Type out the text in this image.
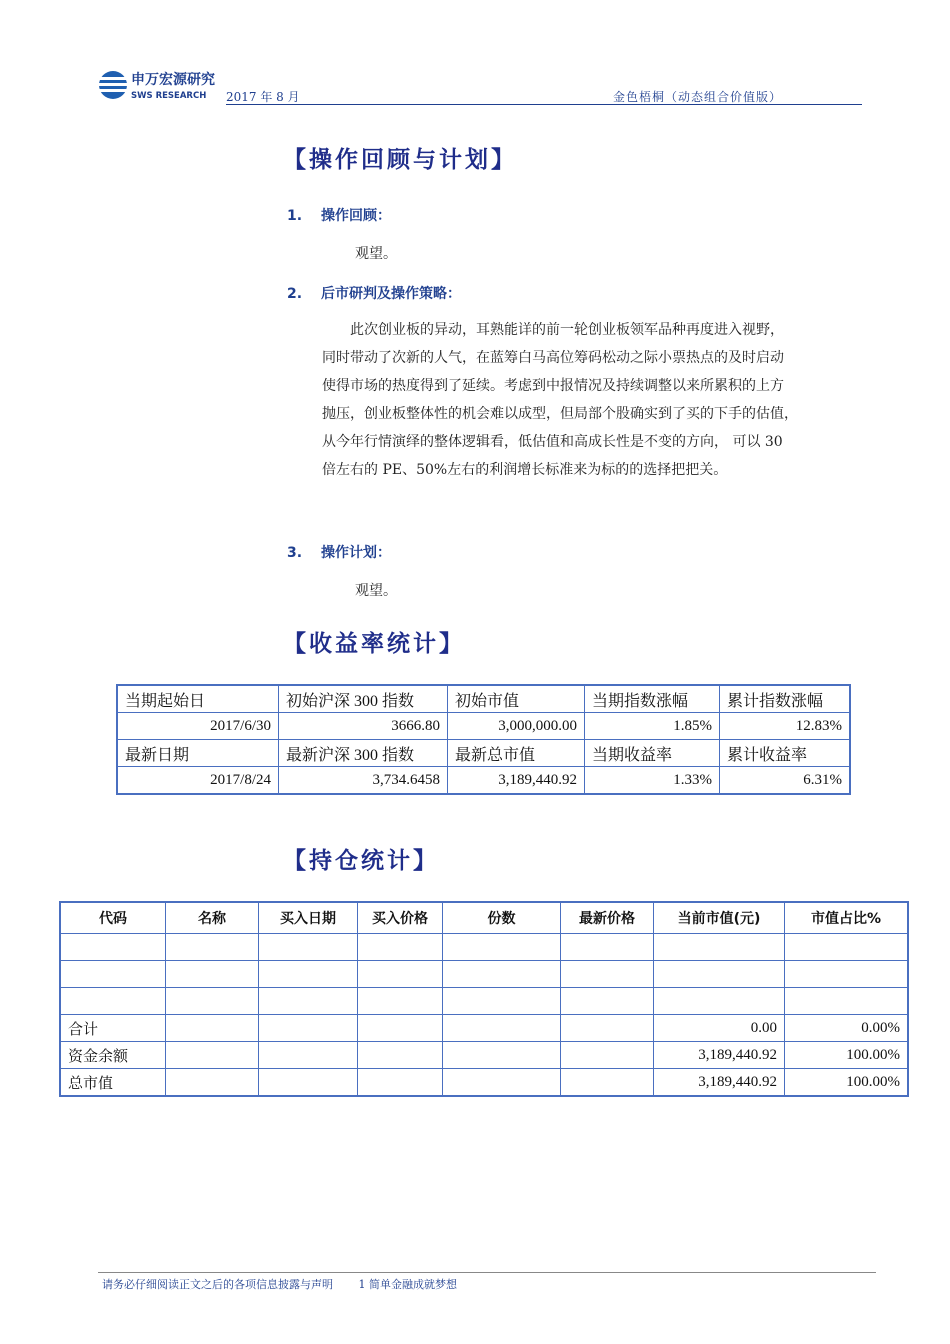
申万宏源研究
SWS RESEARCH 2017 年 8 月	金色梧桐（动态组合价值版）
【操作回顾与计划】
1. 操作回顾：
观望。
2. 后市研判及操作策略：
此次创业板的异动，耳熟能详的前一轮创业板领军品种再度进入视野，
同时带动了次新的人气，在蓝筹白马高位筹码松动之际小票热点的及时启动
使得市场的热度得到了延续。考虑到中报情况及持续调整以来所累积的上方
抛压，创业板整体性的机会难以成型，但局部个股确实到了买的下手的估值，
从今年行情演绎的整体逻辑看，低估值和高成长性是不变的方向， 可以 30
倍左右的 PE、50%左右的利润增长标准来为标的的选择把把关。
3. 操作计划：
观望。
【收益率统计】
当期起始日	初始沪深 300 指数	初始市值	当期指数涨幅	累计指数涨幅
2017/6/30	3666.80	3,000,000.00	1.85%	12.83%
最新日期	最新沪深 300 指数	最新总市值	当期收益率	累计收益率
2017/8/24	3,734.6458	3,189,440.92	1.33%	6.31%
【持仓统计】
代码	名称	买入日期	买入价格	份数	最新价格	当前市值(元)	市值占比%

合计						0.00	0.00%
资金余额						3,189,440.92	100.00%
总市值						3,189,440.92	100.00%
请务必仔细阅读正文之后的各项信息披露与声明 1 简单金融成就梦想
